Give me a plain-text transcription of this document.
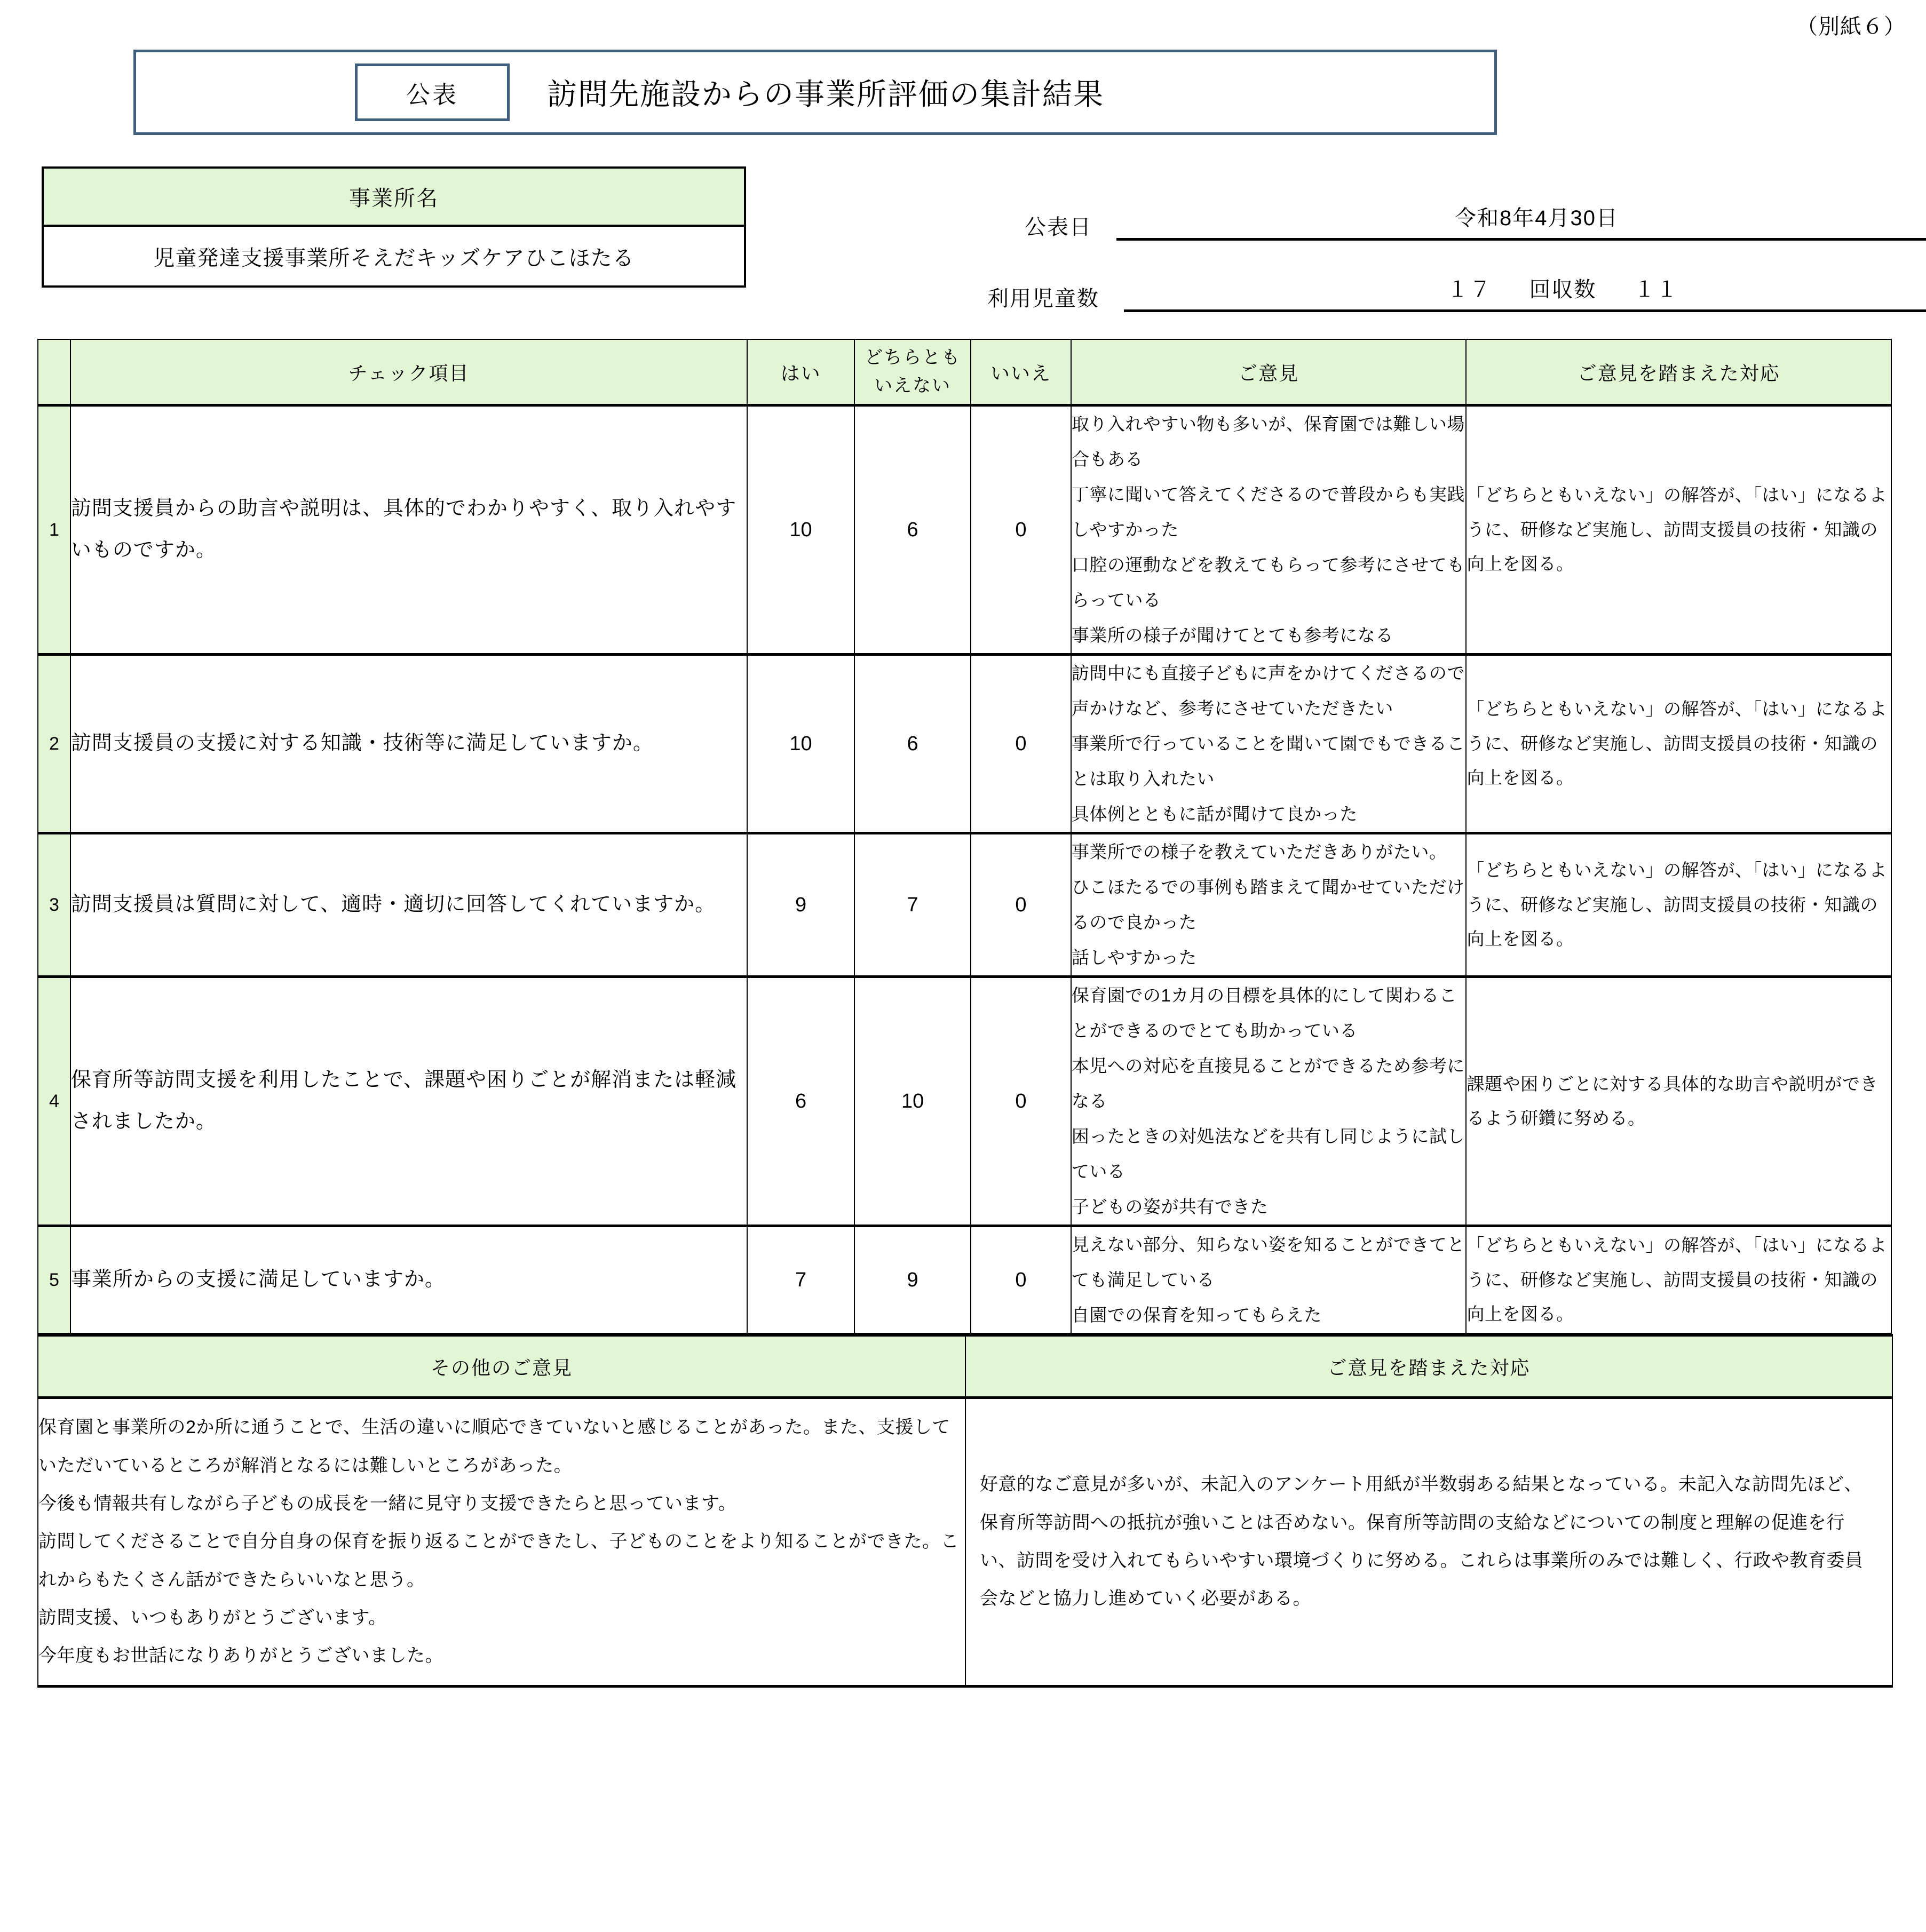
（別紙６）
公表	訪問先施設からの事業所評価の集計結果
事業所名
児童発達支援事業所そえだキッズケアひこほたる
公表日	令和8年4月30日
利用児童数	１７ 回収数 １１
	チェック項目	はい	どちらとも
いえない	いいえ	ご意見	ご意見を踏まえた対応
1	訪問支援員からの助言や説明は、具体的でわかりやすく、取り入れやすいものですか。	10	6	0	取り入れやすい物も多いが、保育園では難しい場合もある
丁寧に聞いて答えてくださるので普段からも実践しやすかった
口腔の運動などを教えてもらって参考にさせてもらっている
事業所の様子が聞けてとても参考になる	「どちらともいえない」の解答が、「はい」になるように、研修など実施し、訪問支援員の技術・知識の向上を図る。
2	訪問支援員の支援に対する知識・技術等に満足していますか。	10	6	0	訪問中にも直接子どもに声をかけてくださるので声かけなど、参考にさせていただきたい
事業所で行っていることを聞いて園でもできることは取り入れたい
具体例とともに話が聞けて良かった	「どちらともいえない」の解答が、「はい」になるように、研修など実施し、訪問支援員の技術・知識の向上を図る。
3	訪問支援員は質問に対して、適時・適切に回答してくれていますか。	9	7	0	事業所での様子を教えていただきありがたい。
ひこほたるでの事例も踏まえて聞かせていただけるので良かった
話しやすかった	「どちらともいえない」の解答が、「はい」になるように、研修など実施し、訪問支援員の技術・知識の向上を図る。
4	保育所等訪問支援を利用したことで、課題や困りごとが解消または軽減されましたか。	6	10	0	保育園での1カ月の目標を具体的にして関わることができるのでとても助かっている
本児への対応を直接見ることができるため参考になる
困ったときの対処法などを共有し同じように試している
子どもの姿が共有できた	課題や困りごとに対する具体的な助言や説明ができるよう研鑽に努める。
5	事業所からの支援に満足していますか。	7	9	0	見えない部分、知らない姿を知ることができてとても満足している
自園での保育を知ってもらえた	「どちらともいえない」の解答が、「はい」になるように、研修など実施し、訪問支援員の技術・知識の向上を図る。
その他のご意見	ご意見を踏まえた対応

保育園と事業所の2か所に通うことで、生活の違いに順応できていないと感じることがあった。また、支援していただいているところが解消となるには難しいところがあった。
今後も情報共有しながら子どもの成長を一緒に見守り支援できたらと思っています。
訪問してくださることで自分自身の保育を振り返ることができたし、子どものことをより知ることができた。これからもたくさん話ができたらいいなと思う。
訪問支援、いつもありがとうございます。
今年度もお世話になりありがとうございました。	好意的なご意見が多いが、未記入のアンケート用紙が半数弱ある結果となっている。未記入な訪問先ほど、保育所等訪問への抵抗が強いことは否めない。保育所等訪問の支給などについての制度と理解の促進を行い、訪問を受け入れてもらいやすい環境づくりに努める。これらは事業所のみでは難しく、行政や教育委員会などと協力し進めていく必要がある。
